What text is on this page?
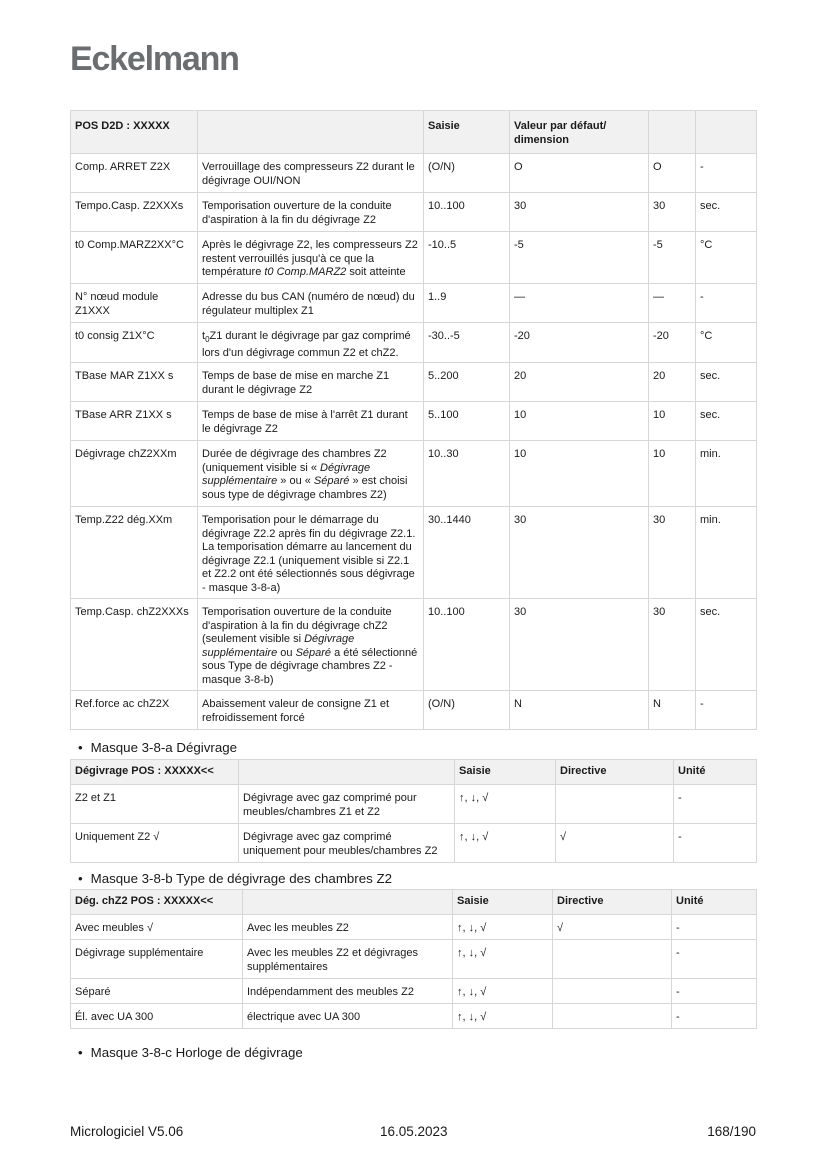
Eckelmann
POS D2D : XXXXX		Saisie	Valeur par défaut/ dimension		
Comp. ARRET Z2X	Verrouillage des compresseurs Z2 durant le dégivrage OUI/NON	(O/N)	O	O	-
Tempo.Casp. Z2XXXs	Temporisation ouverture de la conduite d'aspiration à la fin du dégivrage Z2	10..100	30	30	sec.
t0 Comp.MARZ2XX°C	Après le dégivrage Z2, les compresseurs Z2 restent verrouillés jusqu'à ce que la température t0 Comp.MARZ2 soit atteinte	-10..5	-5	-5	°C
N° nœud module Z1XXX	Adresse du bus CAN (numéro de nœud) du régulateur multiplex Z1	1..9	—	—	-
t0 consig Z1X°C	$t_0Z1$ durant le dégivrage par gaz comprimé lors d'un dégivrage commun Z2 et chZ2.	-30..-5	-20	-20	°C
TBase MAR Z1XX s	Temps de base de mise en marche Z1 durant le dégivrage Z2	5..200	20	20	sec.
TBase ARR Z1XX s	Temps de base de mise à l'arrêt Z1 durant le dégivrage Z2	5..100	10	10	sec.
Dégivrage chZ2XXm	Durée de dégivrage des chambres Z2 (uniquement visible si « Dégivrage supplémentaire » ou « Séparé » est choisi sous type de dégivrage chambres Z2)	10..30	10	10	min.
Temp.Z22 dég.XXm	Temporisation pour le démarrage du dégivrage Z2.2 après fin du dégivrage Z2.1. La temporisation démarre au lancement du dégivrage Z2.1 (uniquement visible si Z2.1 et Z2.2 ont été sélectionnés sous dégivrage - masque 3-8-a)	30..1440	30	30	min.
Temp.Casp. chZ2XXXs	Temporisation ouverture de la conduite d'aspiration à la fin du dégivrage chZ2 (seulement visible si Dégivrage supplémentaire ou Séparé a été sélectionné sous Type de dégivrage chambres Z2 - masque 3-8-b)	10..100	30	30	sec.
Ref.force ac chZ2X	Abaissement valeur de consigne Z1 et refroidissement forcé	(O/N)	N	N	-
• Masque 3-8-a Dégivrage
Dégivrage POS : XXXXX<<		Saisie	Directive	Unité
Z2 et Z1	Dégivrage avec gaz comprimé pour meubles/chambres Z1 et Z2	↑, ↓, √		-
Uniquement Z2 √	Dégivrage avec gaz comprimé uniquement pour meubles/chambres Z2	↑, ↓, √	√	-
• Masque 3-8-b Type de dégivrage des chambres Z2
Dég. chZ2 POS : XXXXX<<		Saisie	Directive	Unité
Avec meubles √	Avec les meubles Z2	↑, ↓, √	√	-
Dégivrage supplémentaire	Avec les meubles Z2 et dégivrages supplémentaires	↑, ↓, √		-
Séparé	Indépendamment des meubles Z2	↑, ↓, √		-
Él. avec UA 300	électrique avec UA 300	↑, ↓, √		-
• Masque 3-8-c Horloge de dégivrage
Micrologiciel V5.06	16.05.2023	168/190
